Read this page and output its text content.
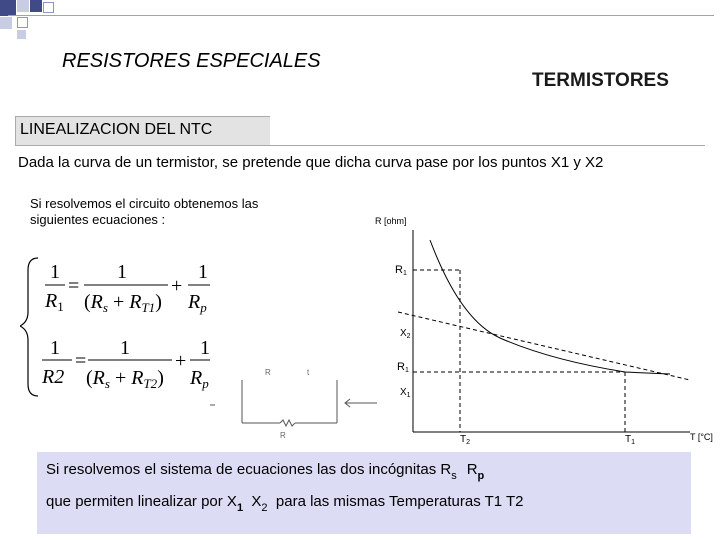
RESISTORES ESPECIALES
TERMISTORES
LINEALIZACION DEL NTC
Dada la curva de un termistor, se pretende que dicha curva pase por los puntos X1 y X2
Si resolvemos el circuito obtenemos las siguientes ecuaciones :
1
$R_1$
=
1
$(R_s + R_{T1})$
+
1
$R_p$
1
R2
=
1
$(R_s + R_{T2})$
+
1
$R_p$
R	t
R
R [ohm]
T [°C]
R1
$X_2$
R1
$X_1$
$T_2$	$T_1$
Si resolvemos el sistema de ecuaciones las dos incógnitas $R_s$ $R_p$
que permiten linealizar por $X_1$ $X_2$ para las mismas Temperaturas T1 T2
